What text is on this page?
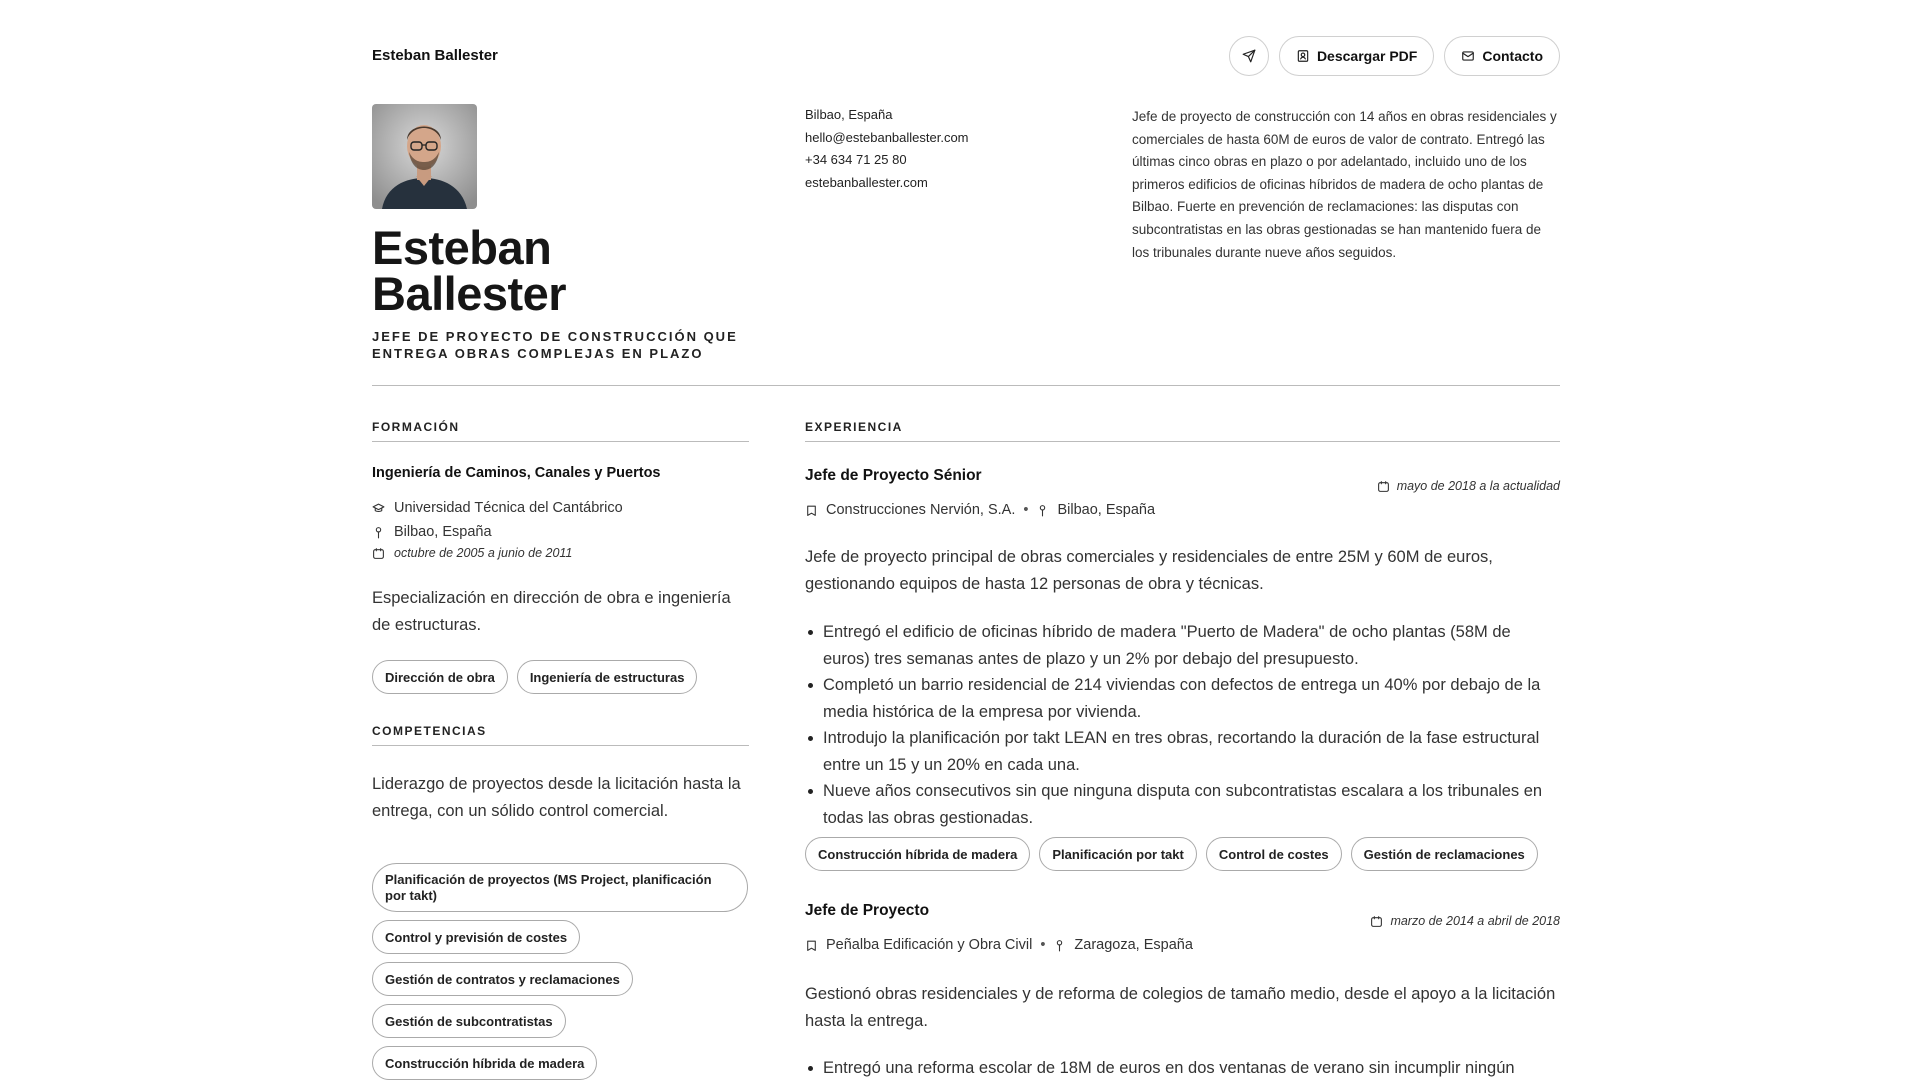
Esteban Ballester	Descargar PDF	Contacto
Esteban
Ballester
JEFE DE PROYECTO DE CONSTRUCCIÓN QUE ENTREGA OBRAS COMPLEJAS EN PLAZO
Bilbao, España
hello@estebanballester.com
+34 634 71 25 80
estebanballester.com
Jefe de proyecto de construcción con 14 años en obras residenciales y comerciales de hasta 60M de euros de valor de contrato. Entregó las últimas cinco obras en plazo o por adelantado, incluido uno de los primeros edificios de oficinas híbridos de madera de ocho plantas de Bilbao. Fuerte en prevención de reclamaciones: las disputas con subcontratistas en las obras gestionadas se han mantenido fuera de los tribunales durante nueve años seguidos.
FORMACIÓN
Ingeniería de Caminos, Canales y Puertos
Universidad Técnica del Cantábrico
Bilbao, España
octubre de 2005 a junio de 2011
Especialización en dirección de obra e ingeniería de estructuras.
Dirección de obra	Ingeniería de estructuras
COMPETENCIAS
Liderazgo de proyectos desde la licitación hasta la entrega, con un sólido control comercial.
Planificación de proyectos (MS Project, planificación por takt)
Control y previsión de costes
Gestión de contratos y reclamaciones
Gestión de subcontratistas
Construcción híbrida de madera
EXPERIENCIA
Jefe de Proyecto Sénior
mayo de 2018 a la actualidad
Construcciones Nervión, S.A. • Bilbao, España
Jefe de proyecto principal de obras comerciales y residenciales de entre 25M y 60M de euros, gestionando equipos de hasta 12 personas de obra y técnicas.
Entregó el edificio de oficinas híbrido de madera "Puerto de Madera" de ocho plantas (58M de euros) tres semanas antes de plazo y un 2% por debajo del presupuesto.
Completó un barrio residencial de 214 viviendas con defectos de entrega un 40% por debajo de la media histórica de la empresa por vivienda.
Introdujo la planificación por takt LEAN en tres obras, recortando la duración de la fase estructural entre un 15 y un 20% en cada una.
Nueve años consecutivos sin que ninguna disputa con subcontratistas escalara a los tribunales en todas las obras gestionadas.
Construcción híbrida de madera	Planificación por takt	Control de costes	Gestión de reclamaciones
Jefe de Proyecto
marzo de 2014 a abril de 2018
Peñalba Edificación y Obra Civil • Zaragoza, España
Gestionó obras residenciales y de reforma de colegios de tamaño medio, desde el apoyo a la licitación hasta la entrega.
Entregó una reforma escolar de 18M de euros en dos ventanas de verano sin incumplir ningún
